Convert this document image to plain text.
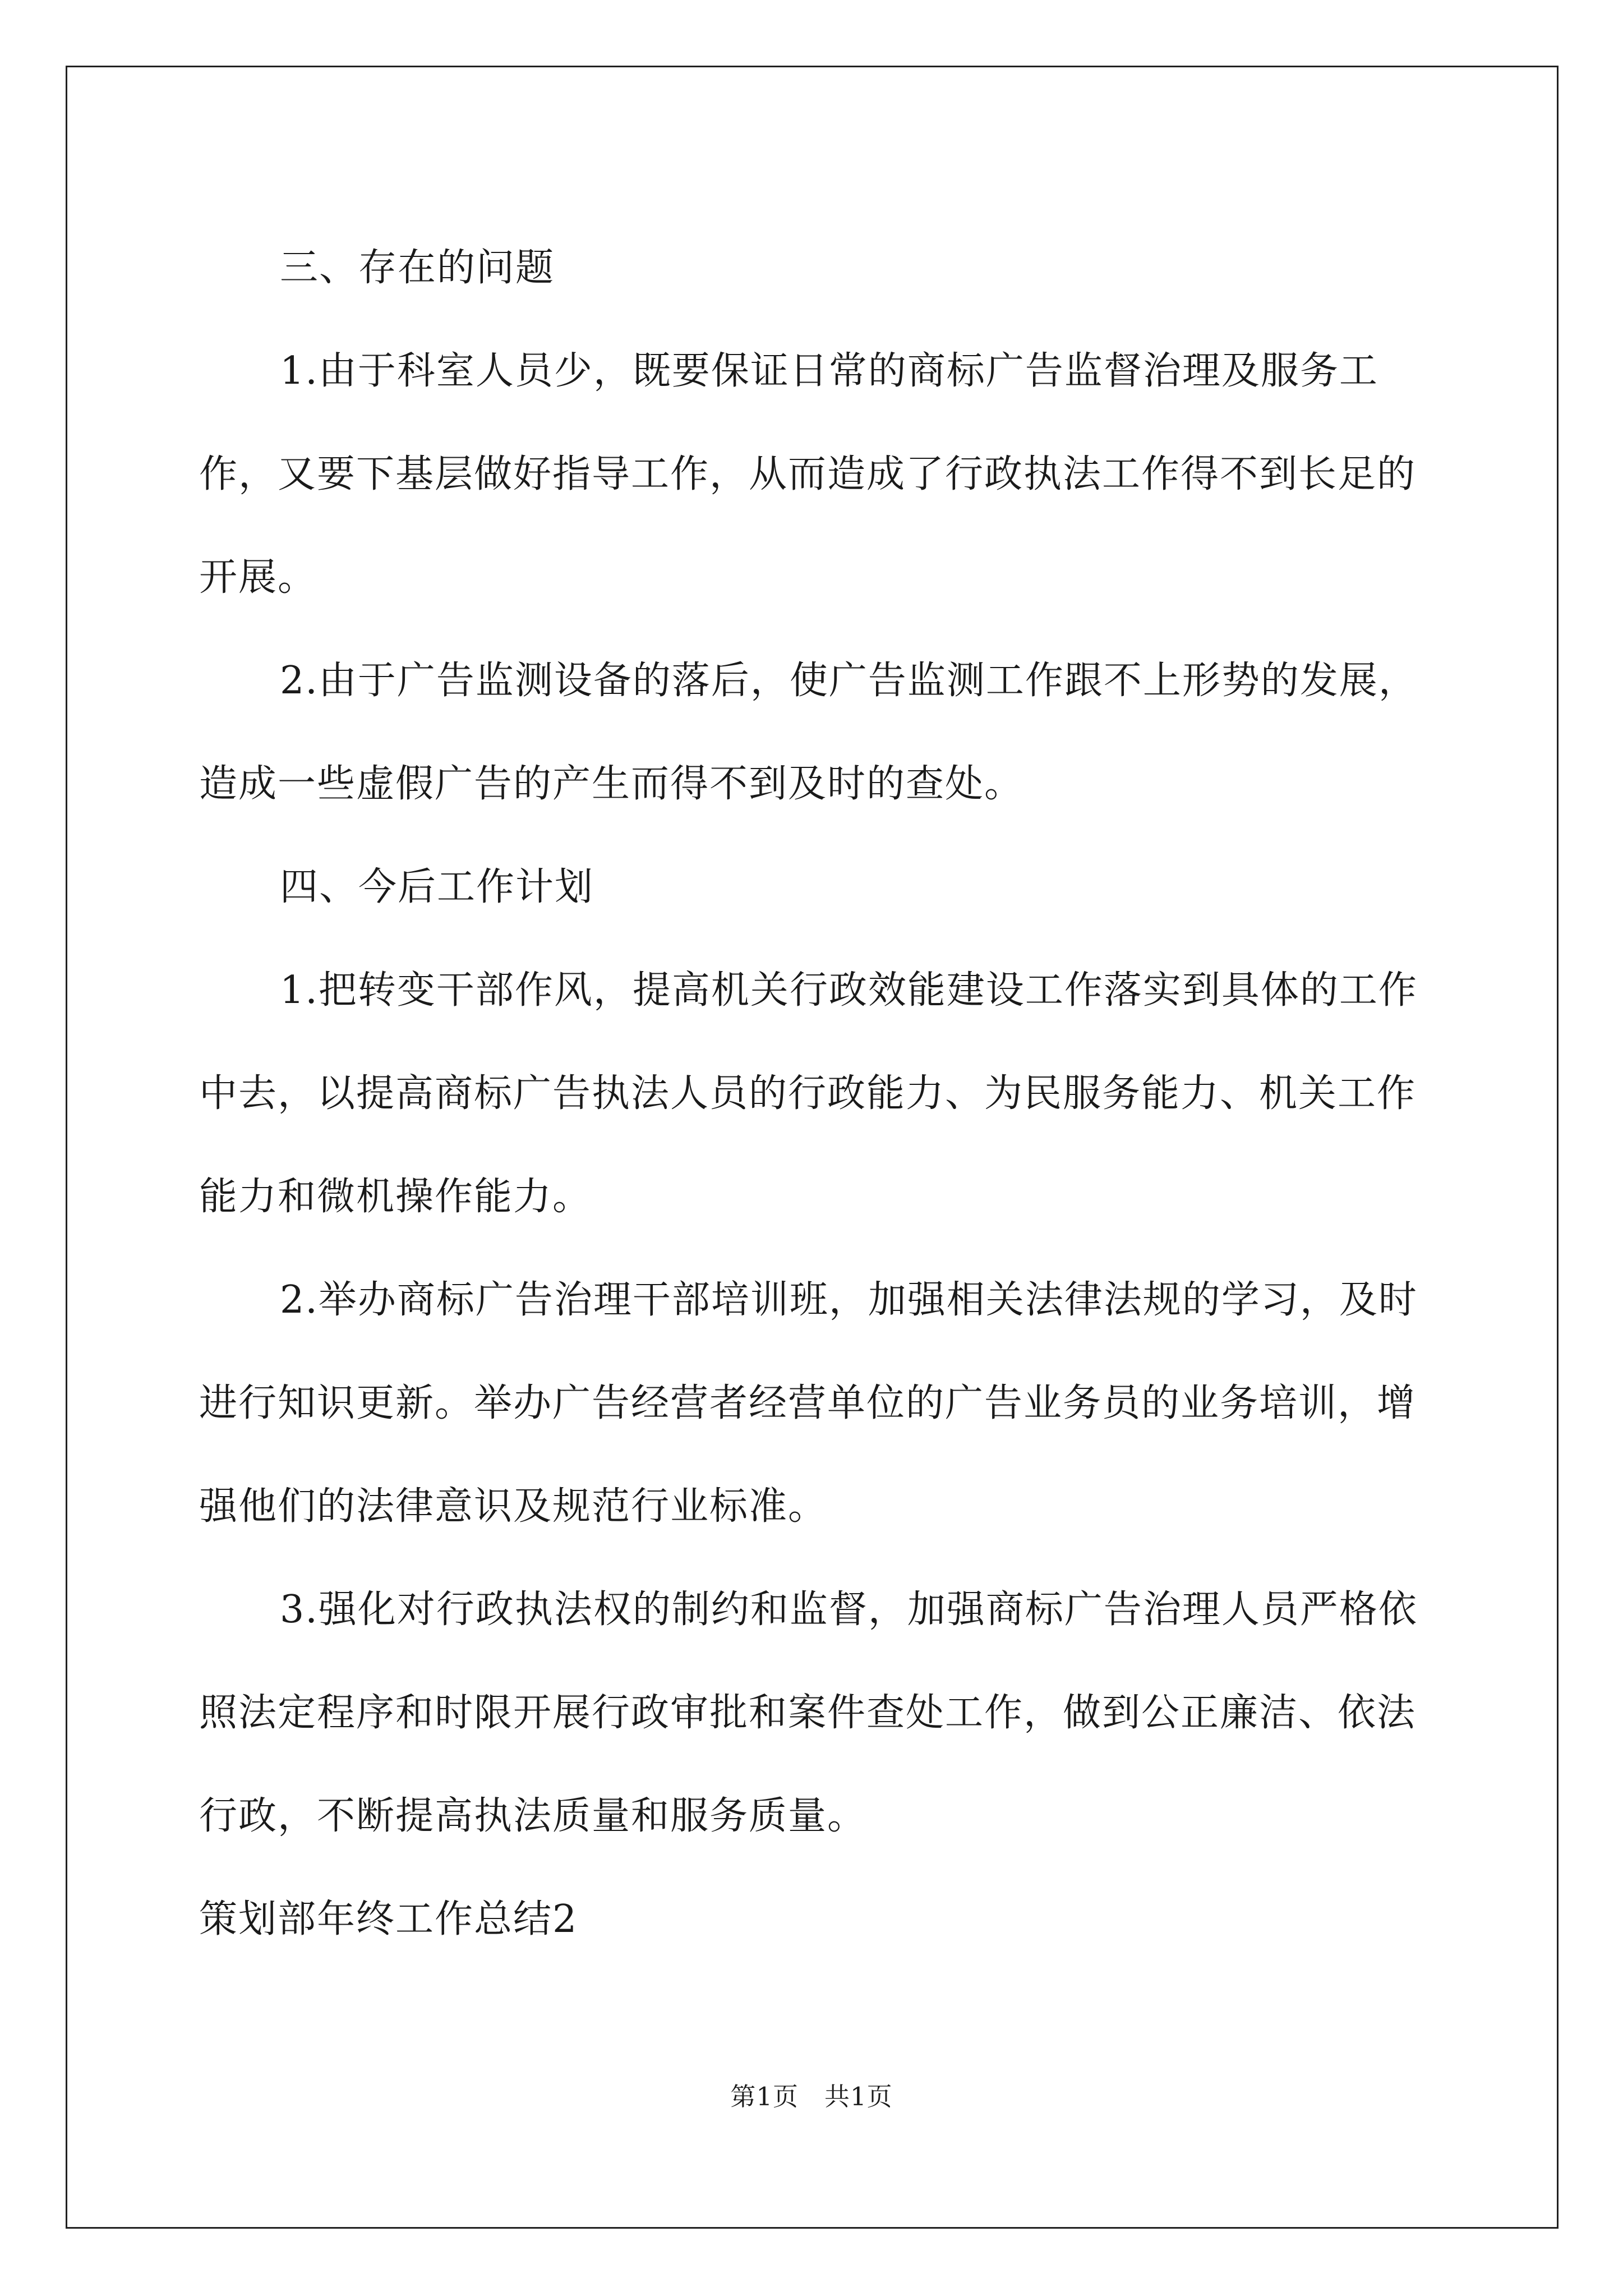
三、存在的问题

1.由于科室人员少，既要保证日常的商标广告监督治理及服务工作，又要下基层做好指导工作，从而造成了行政执法工作得不到长足的开展。

2.由于广告监测设备的落后，使广告监测工作跟不上形势的发展，造成一些虚假广告的产生而得不到及时的查处。

四、今后工作计划

1.把转变干部作风，提高机关行政效能建设工作落实到具体的工作中去，以提高商标广告执法人员的行政能力、为民服务能力、机关工作能力和微机操作能力。

2.举办商标广告治理干部培训班，加强相关法律法规的学习，及时进行知识更新。举办广告经营者经营单位的广告业务员的业务培训，增强他们的法律意识及规范行业标准。

3.强化对行政执法权的制约和监督，加强商标广告治理人员严格依照法定程序和时限开展行政审批和案件查处工作，做到公正廉洁、依法行政，不断提高执法质量和服务质量。

策划部年终工作总结2

第1页 共1页
